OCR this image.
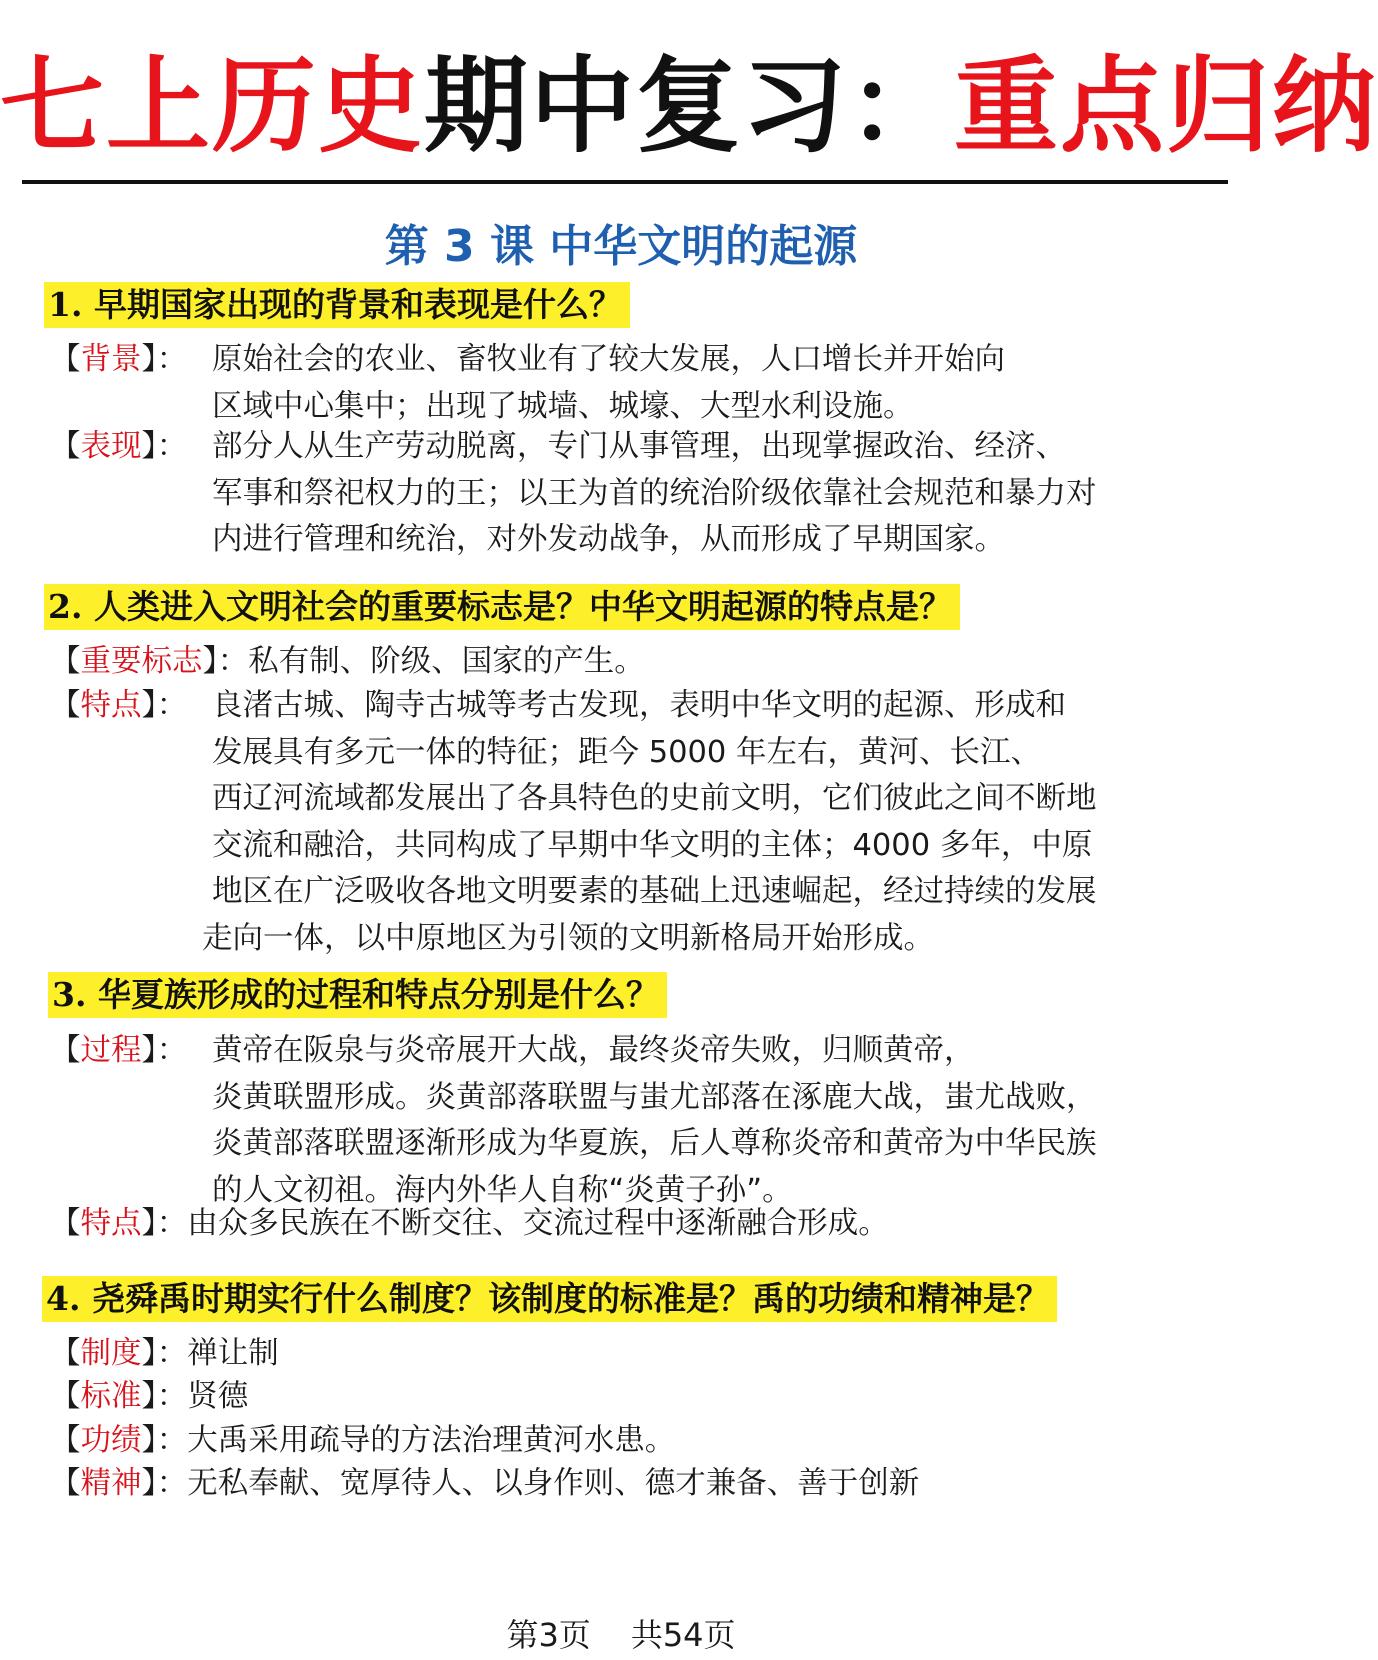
七上历史期中复习：重点归纳
第 3 课 中华文明的起源
1. 早期国家出现的背景和表现是什么？
【背景】： 原始社会的农业、畜牧业有了较大发展，人口增长并开始向
区域中心集中；出现了城墙、城壕、大型水利设施。
【表现】： 部分人从生产劳动脱离，专门从事管理，出现掌握政治、经济、
军事和祭祀权力的王；以王为首的统治阶级依靠社会规范和暴力对
内进行管理和统治，对外发动战争，从而形成了早期国家。
2. 人类进入文明社会的重要标志是？中华文明起源的特点是？
【重要标志】：私有制、阶级、国家的产生。
【特点】： 良渚古城、陶寺古城等考古发现，表明中华文明的起源、形成和
发展具有多元一体的特征；距今 5000 年左右，黄河、长江、
西辽河流域都发展出了各具特色的史前文明，它们彼此之间不断地
交流和融洽，共同构成了早期中华文明的主体；4000 多年，中原
地区在广泛吸收各地文明要素的基础上迅速崛起，经过持续的发展
走向一体，以中原地区为引领的文明新格局开始形成。
3. 华夏族形成的过程和特点分别是什么？
【过程】： 黄帝在阪泉与炎帝展开大战，最终炎帝失败，归顺黄帝，
炎黄联盟形成。炎黄部落联盟与蚩尤部落在涿鹿大战，蚩尤战败，
炎黄部落联盟逐渐形成为华夏族，后人尊称炎帝和黄帝为中华民族
的人文初祖。海内外华人自称“炎黄子孙”。
【特点】：由众多民族在不断交往、交流过程中逐渐融合形成。
4. 尧舜禹时期实行什么制度？该制度的标准是？禹的功绩和精神是？
【制度】：禅让制
【标准】：贤德
【功绩】：大禹采用疏导的方法治理黄河水患。
【精神】：无私奉献、宽厚待人、以身作则、德才兼备、善于创新
第3页 共54页
